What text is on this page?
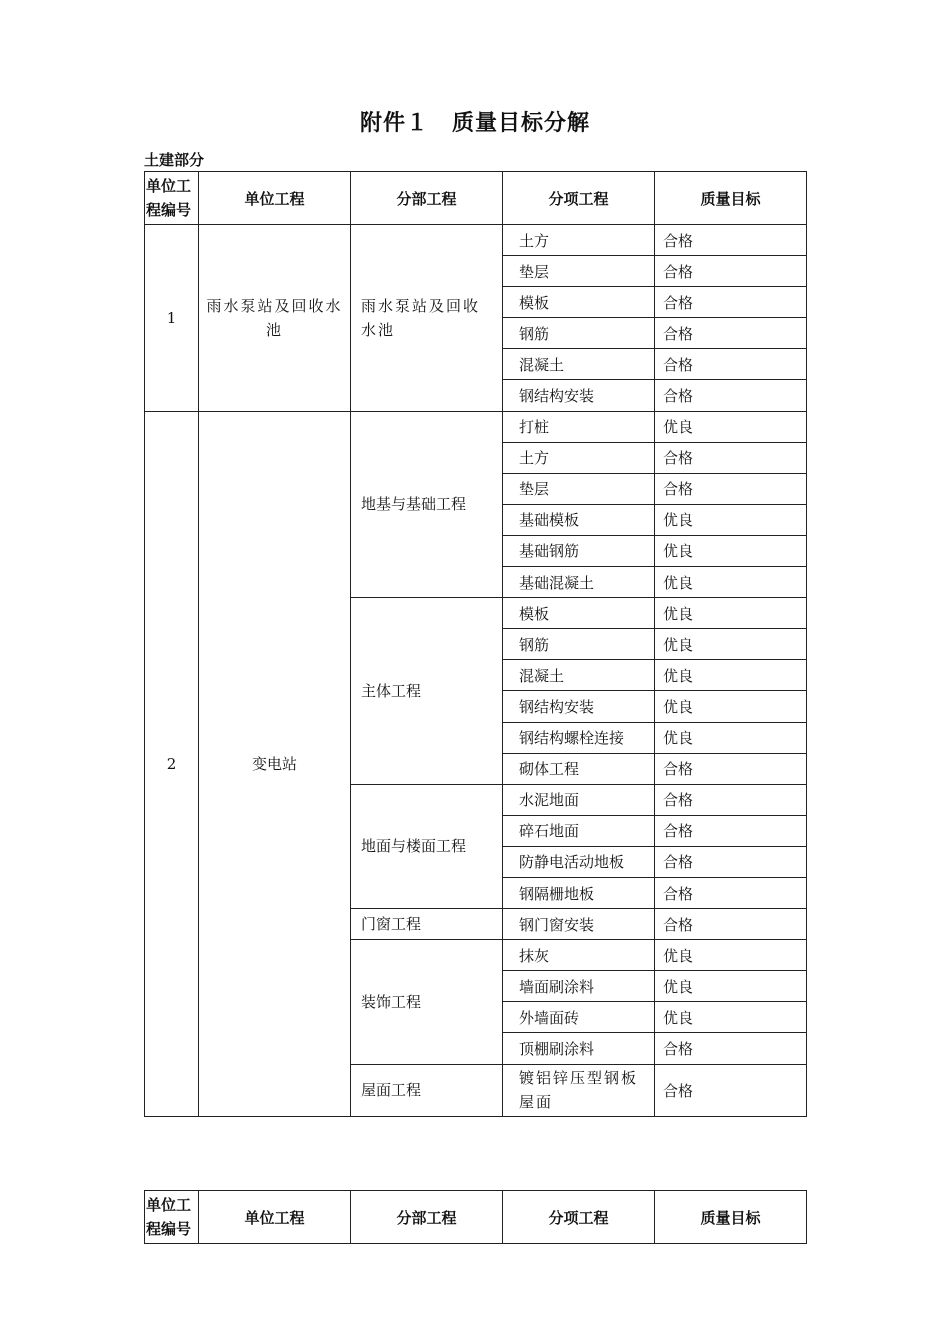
附件１　质量目标分解
土建部分
单位工程编号	单位工程	分部工程	分项工程	质量目标
1	雨水泵站及回收水池	雨水泵站及回收水池	土方	合格
			垫层	合格
			模板	合格
			钢筋	合格
			混凝土	合格
			钢结构安装	合格
2	变电站	地基与基础工程	打桩	优良
			土方	合格
			垫层	合格
			基础模板	优良
			基础钢筋	优良
			基础混凝土	优良
		主体工程	模板	优良
			钢筋	优良
			混凝土	优良
			钢结构安装	优良
			钢结构螺栓连接	优良
			砌体工程	合格
		地面与楼面工程	水泥地面	合格
			碎石地面	合格
			防静电活动地板	合格
			钢隔栅地板	合格
		门窗工程	钢门窗安装	合格
		装饰工程	抹灰	优良
			墙面刷涂料	优良
			外墙面砖	优良
			顶棚刷涂料	合格
		屋面工程	镀铝锌压型钢板屋面	合格
单位工程编号	单位工程	分部工程	分项工程	质量目标
